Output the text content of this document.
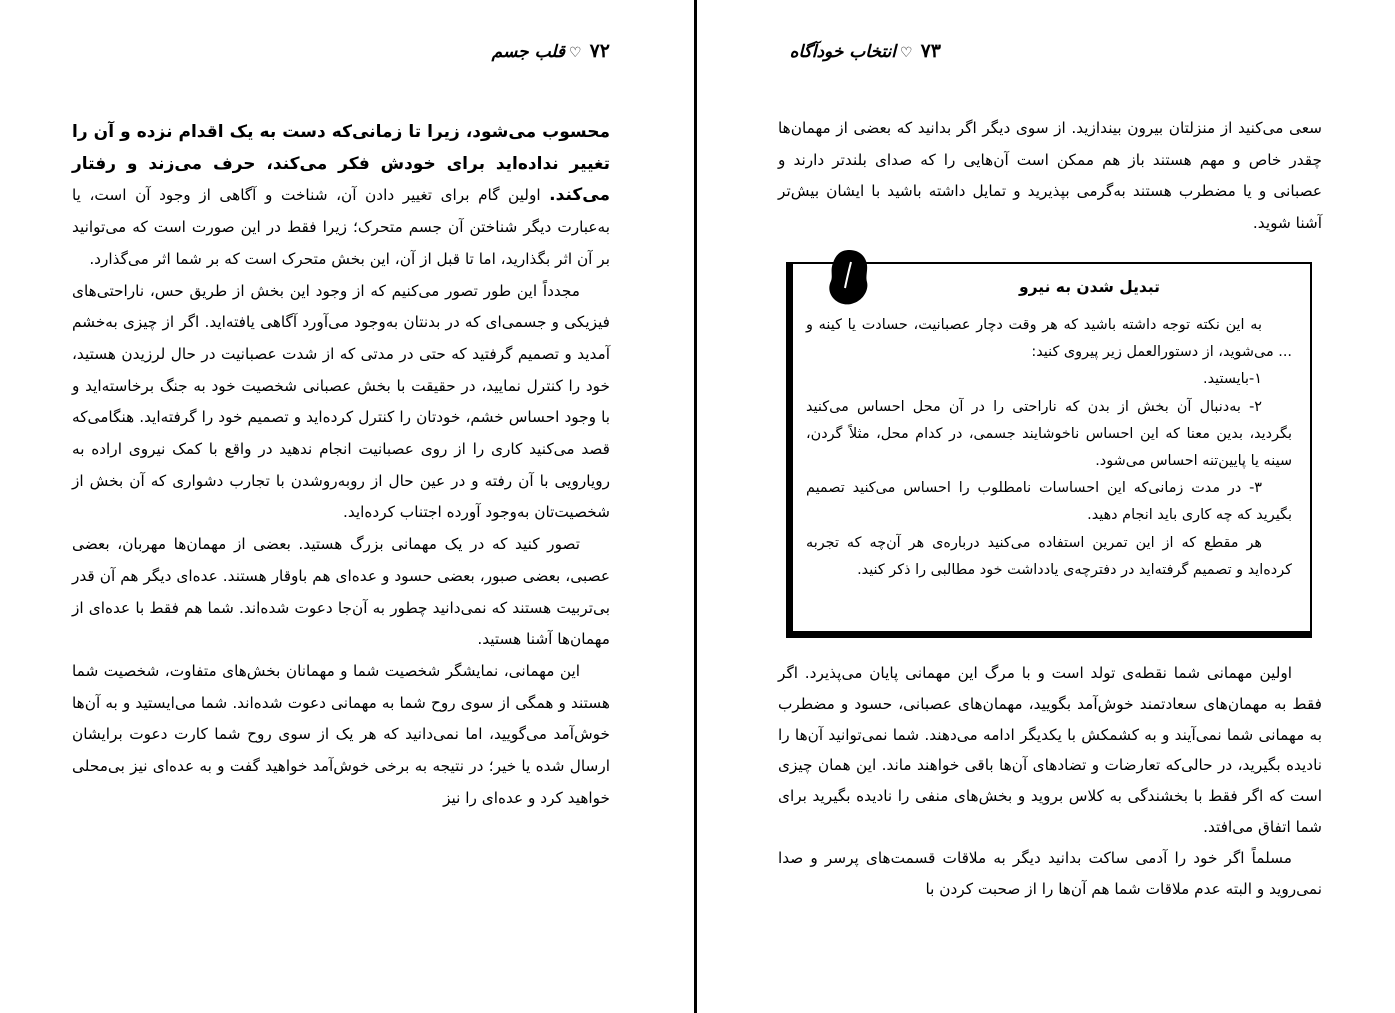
۷۲♡قلب جسم
محسوب می‌شود، زیرا تا زمانی‌که دست به یک اقدام نزده و آن را تغییر نداده‌اید برای خودش فکر می‌کند، حرف می‌زند و رفتار می‌کند. اولین گام برای تغییر دادن آن، شناخت و آگاهی از وجود آن است، یا به‌عبارت دیگر شناختن آن جسم متحرک؛ زیرا فقط در این صورت است که می‌توانید بر آن اثر بگذارید، اما تا قبل از آن، این بخش متحرک است که بر شما اثر می‌گذارد.
مجدداً این طور تصور می‌کنیم که از وجود این بخش از طریق حس، ناراحتی‌های فیزیکی و جسمی‌ای که در بدنتان به‌وجود می‌آورد آگاهی یافته‌اید. اگر از چیزی به‌خشم آمدید و تصمیم گرفتید که حتی در مدتی که از شدت عصبانیت در حال لرزیدن هستید، خود را کنترل نمایید، در حقیقت با بخش عصبانی شخصیت خود به جنگ برخاسته‌اید و با وجود احساس خشم، خودتان را کنترل کرده‌اید و تصمیم خود را گرفته‌اید. هنگامی‌که قصد می‌کنید کاری را از روی عصبانیت انجام ندهید در واقع با کمک نیروی اراده به رویارویی با آن رفته و در عین حال از روبه‌روشدن با تجارب دشواری که آن بخش از شخصیت‌تان به‌وجود آورده اجتناب کرده‌اید.
تصور کنید که در یک مهمانی بزرگ هستید. بعضی از مهمان‌ها مهربان، بعضی عصبی، بعضی صبور، بعضی حسود و عده‌ای هم باوقار هستند. عده‌ای دیگر هم آن قدر بی‌تربیت هستند که نمی‌دانید چطور به آن‌جا دعوت شده‌اند. شما هم فقط با عده‌ای از مهمان‌ها آشنا هستید.
این مهمانی، نمایشگر شخصیت شما و مهمانان بخش‌های متفاوت، شخصیت شما هستند و همگی از سوی روح شما به مهمانی دعوت شده‌اند. شما می‌ایستید و به آن‌ها خوش‌آمد می‌گویید، اما نمی‌دانید که هر یک از سوی روح شما کارت دعوت برایشان ارسال شده یا خیر؛ در نتیجه به برخی خوش‌آمد خواهید گفت و به عده‌ای نیز بی‌محلی خواهید کرد و عده‌ای را نیز
۷۳♡انتخاب خودآگاه
سعی می‌کنید از منزلتان بیرون بیندازید. از سوی دیگر اگر بدانید که بعضی از مهمان‌ها چقدر خاص و مهم هستند باز هم ممکن است آن‌هایی را که صدای بلندتر دارند و عصبانی و یا مضطرب هستند به‌گرمی بپذیرید و تمایل داشته باشید با ایشان بیش‌تر آشنا شوید.
تبدیل شدن به نیرو
به این نکته توجه داشته باشید که هر وقت دچار عصبانیت، حسادت یا کینه و ... می‌شوید، از دستورالعمل زیر پیروی کنید:
۱-بایستید.
۲- به‌دنبال آن بخش از بدن که ناراحتی را در آن محل احساس می‌کنید بگردید، بدین معنا که این احساس ناخوشایند جسمی، در کدام محل، مثلاً گردن، سینه یا پایین‌تنه احساس می‌شود.
۳- در مدت زمانی‌که این احساسات نامطلوب را احساس می‌کنید تصمیم بگیرید که چه کاری باید انجام دهید.
هر مقطع که از این تمرین استفاده می‌کنید درباره‌ی هر آن‌چه که تجربه کرده‌اید و تصمیم گرفته‌اید در دفترچه‌ی یادداشت خود مطالبی را ذکر کنید.
اولین مهمانی شما نقطه‌ی تولد است و با مرگ این مهمانی پایان می‌پذیرد. اگر فقط به مهمان‌های سعادتمند خوش‌آمد بگویید، مهمان‌های عصبانی، حسود و مضطرب به مهمانی شما نمی‌آیند و به کشمکش با یکدیگر ادامه می‌دهند. شما نمی‌توانید آن‌ها را نادیده بگیرید، در حالی‌که تعارضات و تضادهای آن‌ها باقی خواهند ماند. این همان چیزی است که اگر فقط با بخشندگی به کلاس بروید و بخش‌های منفی را نادیده بگیرید برای شما اتفاق می‌افتد.
مسلماً اگر خود را آدمی ساکت بدانید دیگر به ملاقات قسمت‌های پرسر و صدا نمی‌روید و البته عدم ملاقات شما هم آن‌ها را از صحبت کردن با
